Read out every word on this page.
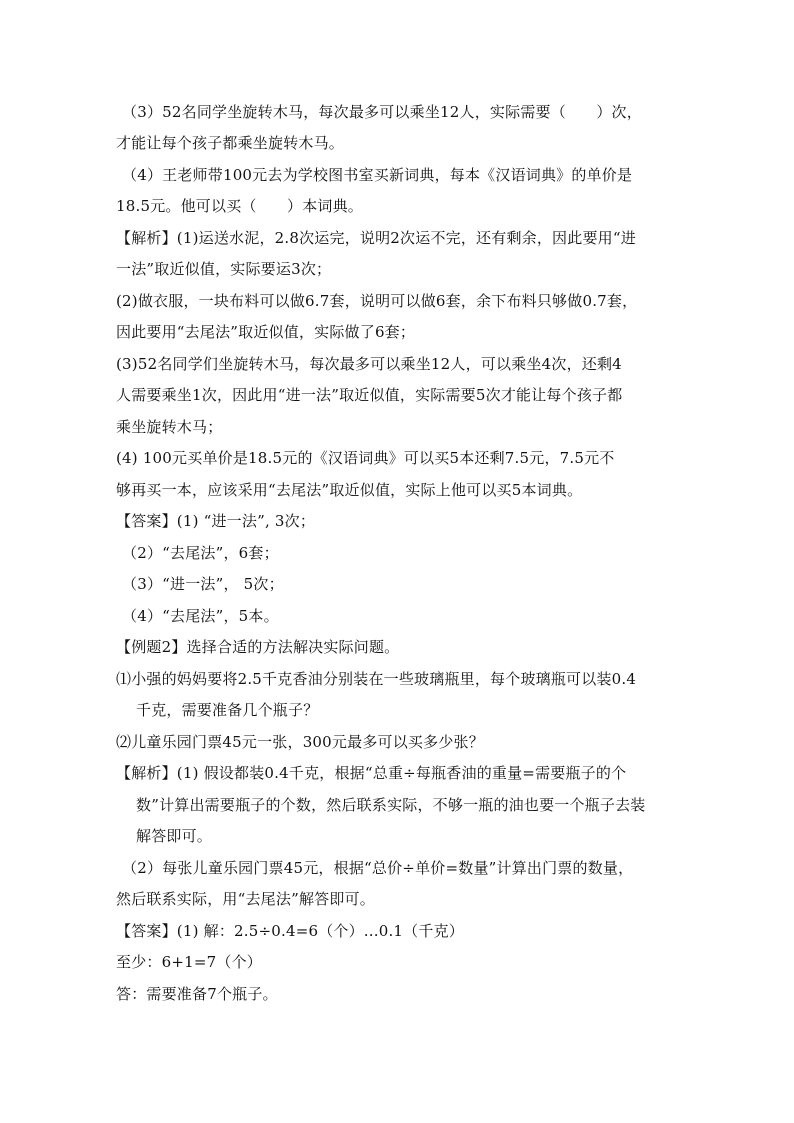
（3）52名同学坐旋转木马，每次最多可以乘坐12人，实际需要（　　）次，
才能让每个孩子都乘坐旋转木马。
（4）王老师带100元去为学校图书室买新词典，每本《汉语词典》的单价是
18.5元。他可以买（　　）本词典。
【解析】(1)运送水泥，2.8次运完，说明2次运不完，还有剩余，因此要用“进
一法”取近似值，实际要运3次；
(2)做衣服，一块布料可以做6.7套，说明可以做6套，余下布料只够做0.7套，
因此要用“去尾法”取近似值，实际做了6套；
(3)52名同学们坐旋转木马，每次最多可以乘坐12人，可以乘坐4次，还剩4
人需要乘坐1次，因此用“进一法”取近似值，实际需要5次才能让每个孩子都
乘坐旋转木马；
(4) 100元买单价是18.5元的《汉语词典》可以买5本还剩7.5元，7.5元不
够再买一本，应该采用“去尾法”取近似值，实际上他可以买5本词典。
【答案】(1) “进一法”, 3次；
（2）“去尾法”，6套；
（3）“进一法”， 5次；
（4）“去尾法”，5本。
【例题2】选择合适的方法解决实际问题。
⑴小强的妈妈要将2.5千克香油分别装在一些玻璃瓶里，每个玻璃瓶可以装0.4
千克，需要准备几个瓶子？
⑵儿童乐园门票45元一张，300元最多可以买多少张？
【解析】(1) 假设都装0.4千克，根据“总重÷每瓶香油的重量=需要瓶子的个
数”计算出需要瓶子的个数，然后联系实际，不够一瓶的油也要一个瓶子去装
解答即可。
（2）每张儿童乐园门票45元，根据“总价÷单价=数量”计算出门票的数量，
然后联系实际，用“去尾法”解答即可。
【答案】(1) 解：2.5÷0.4=6（个）...0.1（千克）
至少：6+1=7（个）
答：需要准备7个瓶子。
